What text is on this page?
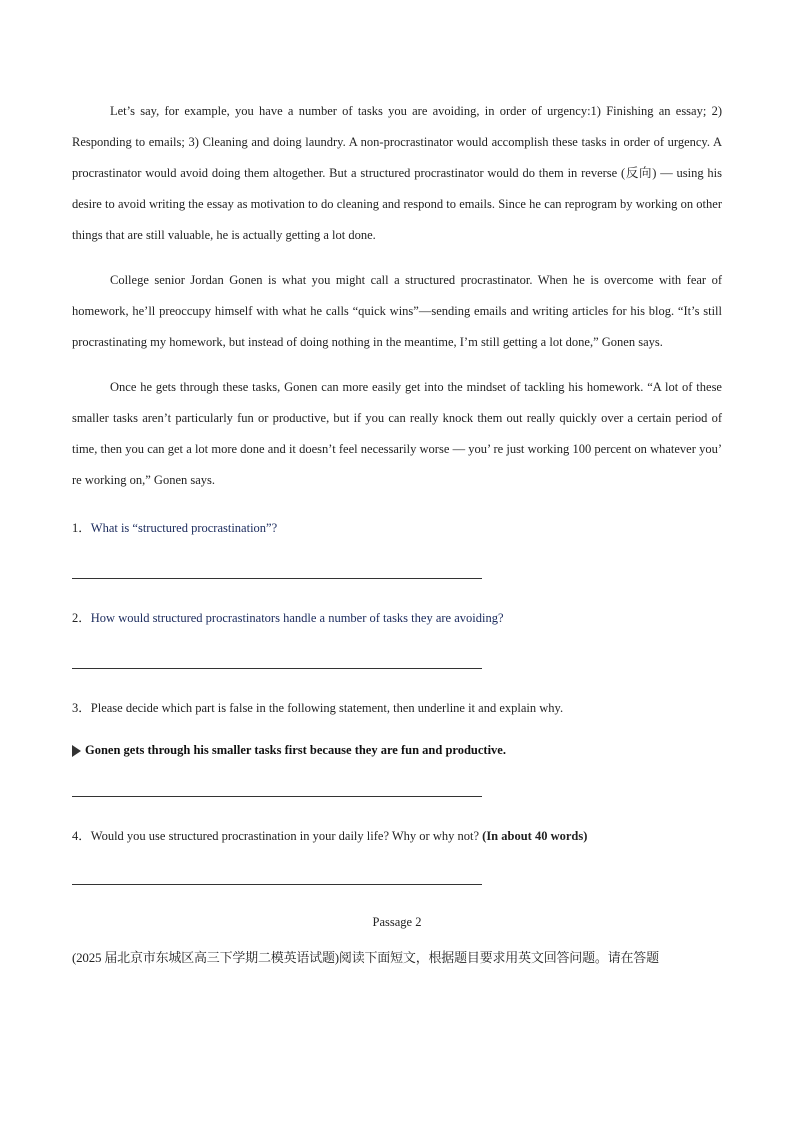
Let’s say, for example, you have a number of tasks you are avoiding, in order of urgency:1) Finishing an essay; 2) Responding to emails; 3) Cleaning and doing laundry. A non-procrastinator would accomplish these tasks in order of urgency. A procrastinator would avoid doing them altogether. But a structured procrastinator would do them in reverse (反向) — using his desire to avoid writing the essay as motivation to do cleaning and respond to emails. Since he can reprogram by working on other things that are still valuable, he is actually getting a lot done.

College senior Jordan Gonen is what you might call a structured procrastinator. When he is overcome with fear of homework, he’ll preoccupy himself with what he calls “quick wins”—sending emails and writing articles for his blog. “It’s still procrastinating my homework, but instead of doing nothing in the meantime, I’m still getting a lot done,” Gonen says.

Once he gets through these tasks, Gonen can more easily get into the mindset of tackling his homework. “A lot of these smaller tasks aren’t particularly fun or productive, but if you can really knock them out really quickly over a certain period of time, then you can get a lot more done and it doesn’t feel necessarily worse — you’ re just working 100 percent on whatever you’ re working on,” Gonen says.

1．What is “structured procrastination”?

2．How would structured procrastinators handle a number of tasks they are avoiding?

3．Please decide which part is false in the following statement, then underline it and explain why.

Gonen gets through his smaller tasks first because they are fun and productive.

4．Would you use structured procrastination in your daily life? Why or why not? (In about 40 words)

Passage 2

(2025 届北京市东城区高三下学期二模英语试题)阅读下面短文，根据题目要求用英文回答问题。请在答题
